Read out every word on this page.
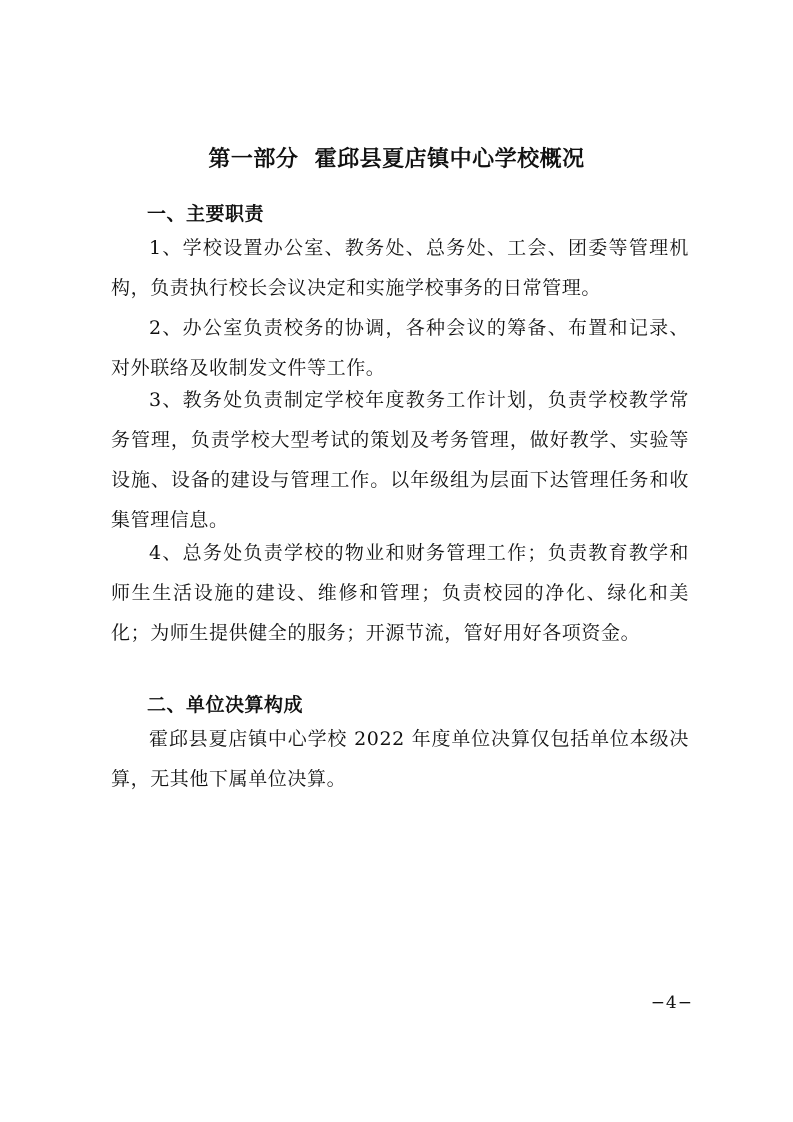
第一部分  霍邱县夏店镇中心学校概况
一、主要职责
1、学校设置办公室、教务处、总务处、工会、团委等管理机构，负责执行校长会议决定和实施学校事务的日常管理。
2、办公室负责校务的协调，各种会议的筹备、布置和记录、对外联络及收制发文件等工作。
3、教务处负责制定学校年度教务工作计划，负责学校教学常务管理，负责学校大型考试的策划及考务管理，做好教学、实验等设施、设备的建设与管理工作。以年级组为层面下达管理任务和收集管理信息。
4、总务处负责学校的物业和财务管理工作；负责教育教学和师生生活设施的建设、维修和管理；负责校园的净化、绿化和美化；为师生提供健全的服务；开源节流，管好用好各项资金。
二、单位决算构成
霍邱县夏店镇中心学校 2022 年度单位决算仅包括单位本级决算，无其他下属单位决算。
−4−
